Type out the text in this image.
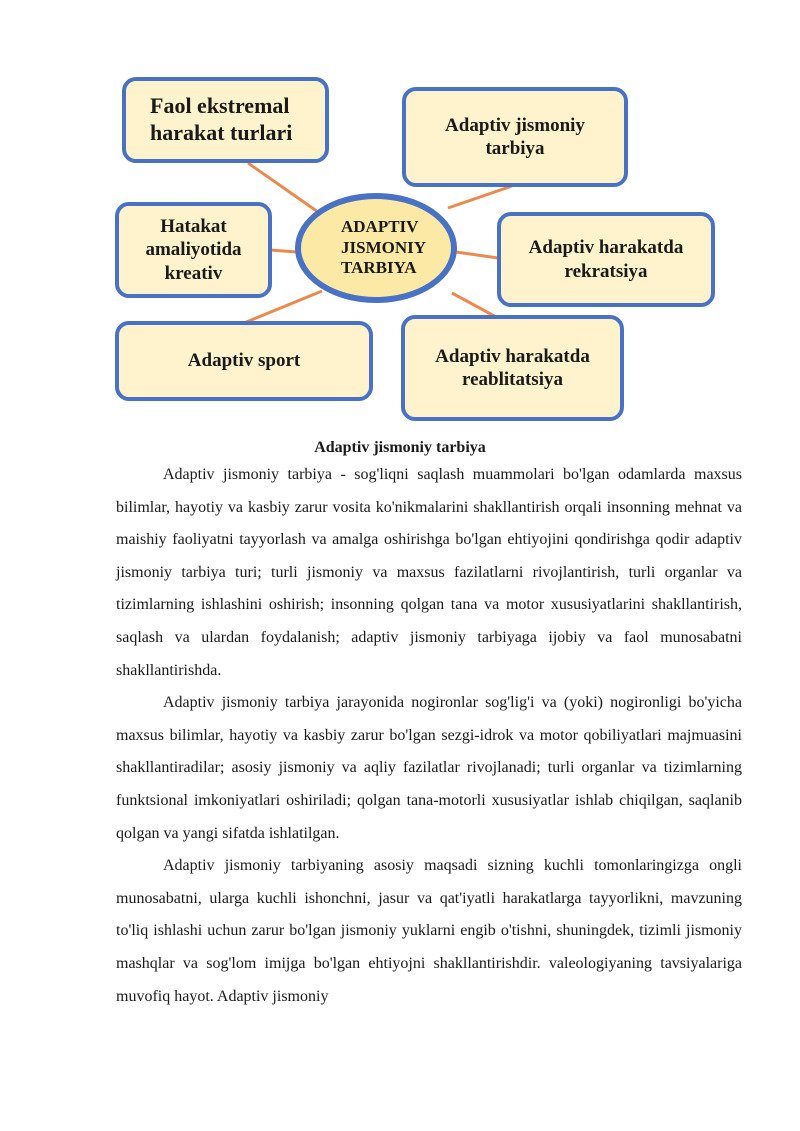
ADAPTIV
JISMONIY
TARBIYA
Faol ekstremal harakat turlari	Adaptiv jismoniy tarbiya
Hatakat amaliyotida kreativ
Adaptiv harakatda rekratsiya
Adaptiv sport	Adaptiv harakatda reablitatsiya
Adaptiv jismoniy tarbiya

Adaptiv jismoniy tarbiya - sog'liqni saqlash muammolari bo'lgan odamlarda maxsus bilimlar, hayotiy va kasbiy zarur vosita ko'nikmalarini shakllantirish orqali insonning mehnat va maishiy faoliyatni tayyorlash va amalga oshirishga bo'lgan ehtiyojini qondirishga qodir adaptiv jismoniy tarbiya turi; turli jismoniy va maxsus fazilatlarni rivojlantirish, turli organlar va tizimlarning ishlashini oshirish; insonning qolgan tana va motor xususiyatlarini shakllantirish, saqlash va ulardan foydalanish; adaptiv jismoniy tarbiyaga ijobiy va faol munosabatni shakllantirishda.

Adaptiv jismoniy tarbiya jarayonida nogironlar sog'lig'i va (yoki) nogironligi bo'yicha maxsus bilimlar, hayotiy va kasbiy zarur bo'lgan sezgi-idrok va motor qobiliyatlari majmuasini shakllantiradilar; asosiy jismoniy va aqliy fazilatlar rivojlanadi; turli organlar va tizimlarning funktsional imkoniyatlari oshiriladi; qolgan tana-motorli xususiyatlar ishlab chiqilgan, saqlanib qolgan va yangi sifatda ishlatilgan.

Adaptiv jismoniy tarbiyaning asosiy maqsadi sizning kuchli tomonlaringizga ongli munosabatni, ularga kuchli ishonchni, jasur va qat'iyatli harakatlarga tayyorlikni, mavzuning to'liq ishlashi uchun zarur bo'lgan jismoniy yuklarni engib o'tishni, shuningdek, tizimli jismoniy mashqlar va sog'lom imijga bo'lgan ehtiyojni shakllantirishdir. valeologiyaning tavsiyalariga muvofiq hayot. Adaptiv jismoniy
